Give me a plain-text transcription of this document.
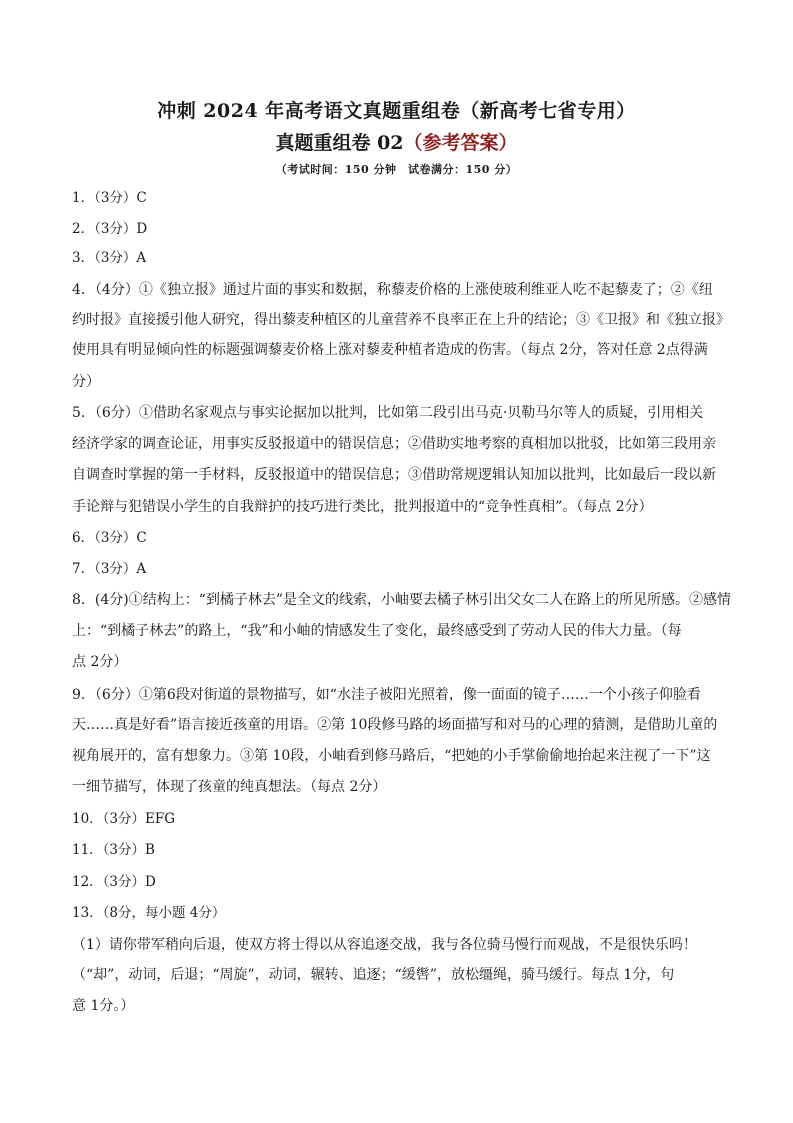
冲刺 2024 年高考语文真题重组卷（新高考七省专用）
真题重组卷 02（参考答案）
（考试时间：150 分钟　试卷满分：150 分）
1．（3分）C
2．（3分）D
3．（3分）A
4．（4分）①《独立报》通过片面的事实和数据，称藜麦价格的上涨使玻利维亚人吃不起藜麦了；②《纽
约时报》直接援引他人研究，得出藜麦种植区的儿童营养不良率正在上升的结论；③《卫报》和《独立报》
使用具有明显倾向性的标题强调藜麦价格上涨对藜麦种植者造成的伤害。（每点 2分，答对任意 2点得满
分）
5．（6分）①借助名家观点与事实论据加以批判，比如第二段引出马克·贝勒马尔等人的质疑，引用相关
经济学家的调查论证，用事实反驳报道中的错误信息；②借助实地考察的真相加以批驳，比如第三段用亲
自调查时掌握的第一手材料，反驳报道中的错误信息；③借助常规逻辑认知加以批判，比如最后一段以新
手论辩与犯错误小学生的自我辩护的技巧进行类比，批判报道中的“竞争性真相”。（每点 2分）
6．（3分）C
7．（3分）A
8．(4分)①结构上：“到橘子林去”是全文的线索，小岫要去橘子林引出父女二人在路上的所见所感。②感情
上：“到橘子林去”的路上，“我”和小岫的情感发生了变化，最终感受到了劳动人民的伟大力量。（每
点 2分）
9．（6分）①第6段对街道的景物描写，如“水洼子被阳光照着，像一面面的镜子……一个小孩子仰脸看
天……真是好看”语言接近孩童的用语。②第 10段修马路的场面描写和对马的心理的猜测，是借助儿童的
视角展开的，富有想象力。③第 10段，小岫看到修马路后，“把她的小手掌偷偷地抬起来注视了一下”这
一细节描写，体现了孩童的纯真想法。（每点 2分）
10．（3分）EFG
11．（3分）B
12．（3分）D
13．（8分，每小题 4分）
（1）请你带军稍向后退，使双方将士得以从容追逐交战，我与各位骑马慢行而观战，不是很快乐吗！
（“却”，动词，后退；“周旋”，动词，辗转、追逐；“缓辔”，放松缰绳，骑马缓行。每点 1分，句
意 1分。）
